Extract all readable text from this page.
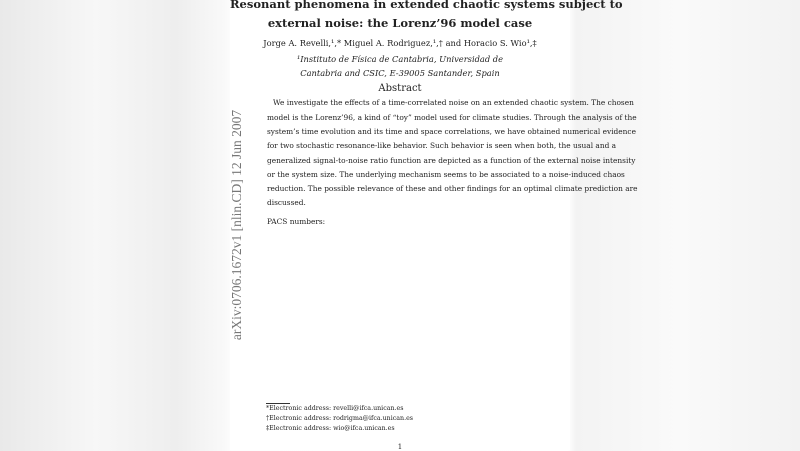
Resonant phenomena in extended chaotic systems subject to
external noise: the Lorenz’96 model case
Jorge A. Revelli,¹,* Miguel A. Rodriguez,¹,† and Horacio S. Wio¹,‡
¹Instituto de Física de Cantabria, Universidad de
Cantabria and CSIC, E-39005 Santander, Spain
Abstract
We investigate the effects of a time-correlated noise on an extended chaotic system. The chosen
model is the Lorenz’96, a kind of “toy” model used for climate studies. Through the analysis of the
system’s time evolution and its time and space correlations, we have obtained numerical evidence
for two stochastic resonance-like behavior. Such behavior is seen when both, the usual and a
generalized signal-to-noise ratio function are depicted as a function of the external noise intensity
or the system size. The underlying mechanism seems to be associated to a noise-induced chaos
reduction. The possible relevance of these and other findings for an optimal climate prediction are
discussed.
PACS numbers:
*Electronic address: revelli@ifca.unican.es
†Electronic address: rodrigma@ifca.unican.es
‡Electronic address: wio@ifca.unican.es
1
arXiv:0706.1672v1 [nlin.CD] 12 Jun 2007
